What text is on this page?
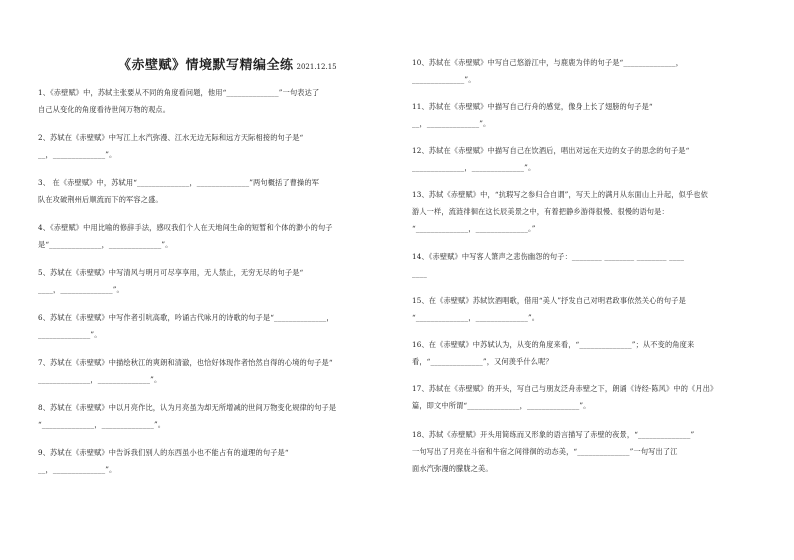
《赤壁赋》情境默写精编全练 2021.12.15

1、《赤壁赋》中，苏轼主张要从不同的角度看问题，他用“______________”一句表达了

自己从变化的角度看待世间万物的观点。

2、苏轼在《赤壁赋》中写江上水汽弥漫、江水无边无际和远方天际相接的句子是“

__，______________”。

3、 在《赤壁赋》中，苏轼用“______________，______________”两句概括了曹操的军

队在攻破荆州后顺流而下的军容之盛。

4、《赤壁赋》中用比喻的修辞手法，感叹我们个人在天地间生命的短暂和个体的渺小的句子

是“______________，______________”。

5、苏轼在《赤壁赋》中写清风与明月可尽享享用，无人禁止，无穷无尽的句子是“

____，______________”。

6、苏轼在《赤壁赋》中写作者引吭高歌，吟诵古代咏月的诗歌的句子是“______________，

______________”。

7、苏轼在《赤壁赋》中描绘秋江的爽朗和清澈，也恰好体现作者怡然自得的心境的句子是“

______________，______________”。

8、苏轼在《赤壁赋》中以月亮作比，认为月亮虽为却无所增减的世间万物变化规律的句子是

“______________，______________”。

9、苏轼在《赤壁赋》中告诉我们别人的东西虽小也不能占有的道理的句子是“

__，______________”。

10、苏轼在《赤壁赋》中写自己悠游江中，与鹿鹿为伴的句子是“______________，

______________”。

11、苏轼在《赤壁赋》中描写自己行舟的感觉，像身上长了翅膀的句子是“

__，______________”。

12、苏轼在《赤壁赋》中描写自己在饮酒后，唱出对远在天边的女子的思念的句子是“

______________，______________”。

13、苏轼《赤壁赋》中，“抗瑕写之参归合自谓”，写天上的满月从东面山上升起，似乎也依

游人一样，流涟徘徊在这长辰美景之中，有着把静乡游得很慢、很慢的语句是：

“______________，______________。”

14、《赤壁赋》中写客人箫声之悲伤幽怨的句子：________ ________ ________ ____

____

15、在《赤壁赋》苏轼饮酒唱歌，借用“美人”抒发自己对明君政事依然关心的句子是

“______________，______________”。

16、在《赤壁赋》中苏轼认为，从变的角度来看，“______________”；从不变的角度来

看，“______________”，又何羡乎什么呢？

17、苏轼在《赤壁赋》的开头，写自己与朋友泛舟赤壁之下，朗诵《诗经·陈风》中的《月出》

篇，即文中所谓“______________，______________”。

18、苏轼《赤壁赋》开头用简练而又形象的语言描写了赤壁的夜景，“______________”

一句写出了月亮在斗宿和牛宿之间徘徊的动态美，“______________”一句写出了江

面水汽弥漫的朦胧之美。
